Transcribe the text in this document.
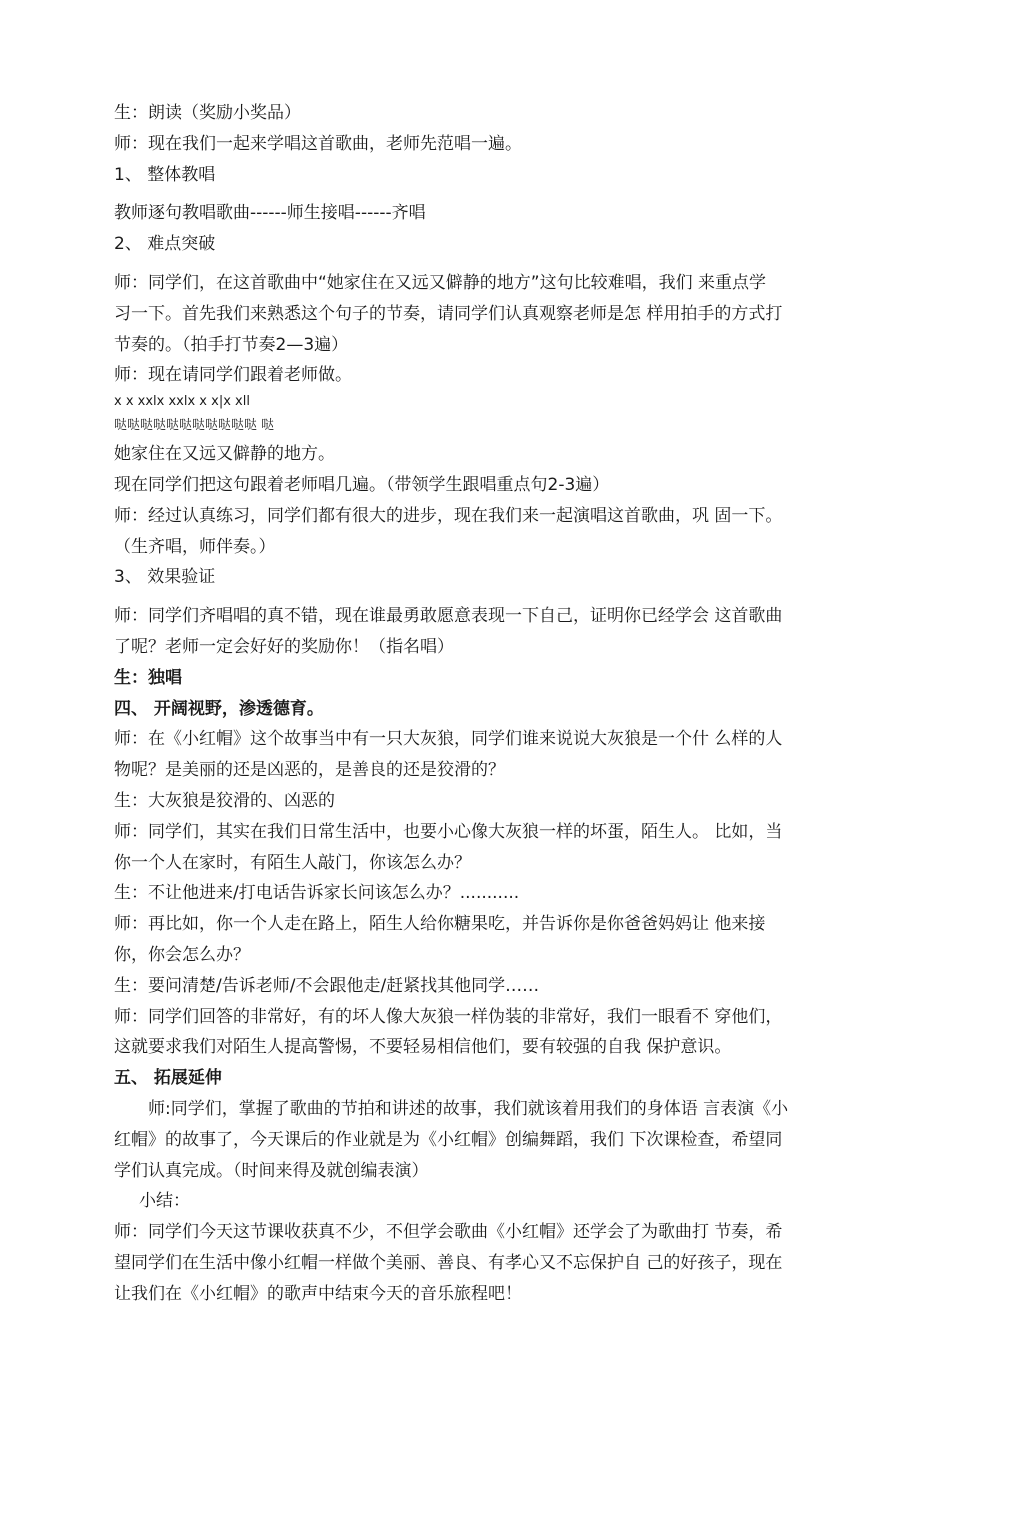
生：朗读（奖励小奖品）
师：现在我们一起来学唱这首歌曲，老师先范唱一遍。
1、 整体教唱
教师逐句教唱歌曲------师生接唱------齐唱
2、 难点突破
师：同学们，在这首歌曲中“她家住在又远又僻静的地方”这句比较难唱，我们 来重点学
习一下。首先我们来熟悉这个句子的节奏，请同学们认真观察老师是怎 样用拍手的方式打
节奏的。（拍手打节奏2—3遍）
师：现在请同学们跟着老师做。
x x xxlx xxlx x x|x xll
哒哒哒哒哒哒哒哒哒哒哒 哒
她家住在又远又僻静的地方。
现在同学们把这句跟着老师唱几遍。（带领学生跟唱重点句2-3遍）
师：经过认真练习，同学们都有很大的进步，现在我们来一起演唱这首歌曲，巩 固一下。
（生齐唱，师伴奏。）
3、 效果验证
师：同学们齐唱唱的真不错，现在谁最勇敢愿意表现一下自己，证明你已经学会 这首歌曲
了呢？老师一定会好好的奖励你！（指名唱）
生：独唱
四、 开阔视野，渗透德育。
师：在《小红帽》这个故事当中有一只大灰狼，同学们谁来说说大灰狼是一个什 么样的人
物呢？是美丽的还是凶恶的，是善良的还是狡滑的？
生：大灰狼是狡滑的、凶恶的
师：同学们，其实在我们日常生活中，也要小心像大灰狼一样的坏蛋，陌生人。 比如，当
你一个人在家时，有陌生人敲门，你该怎么办？
生：不让他进来/打电话告诉家长问该怎么办？...........
师：再比如，你一个人走在路上，陌生人给你糖果吃，并告诉你是你爸爸妈妈让 他来接
你，你会怎么办？
生：要问清楚/告诉老师/不会跟他走/赶紧找其他同学……
师：同学们回答的非常好，有的坏人像大灰狼一样伪装的非常好，我们一眼看不 穿他们，
这就要求我们对陌生人提高警惕，不要轻易相信他们，要有较强的自我 保护意识。
五、 拓展延伸
师:同学们，掌握了歌曲的节拍和讲述的故事，我们就该着用我们的身体语 言表演《小
红帽》的故事了，今天课后的作业就是为《小红帽》创编舞蹈，我们 下次课检查，希望同
学们认真完成。（时间来得及就创编表演）
小结：
师：同学们今天这节课收获真不少，不但学会歌曲《小红帽》还学会了为歌曲打 节奏，希
望同学们在生活中像小红帽一样做个美丽、善良、有孝心又不忘保护自 己的好孩子，现在
让我们在《小红帽》的歌声中结束今天的音乐旅程吧！
